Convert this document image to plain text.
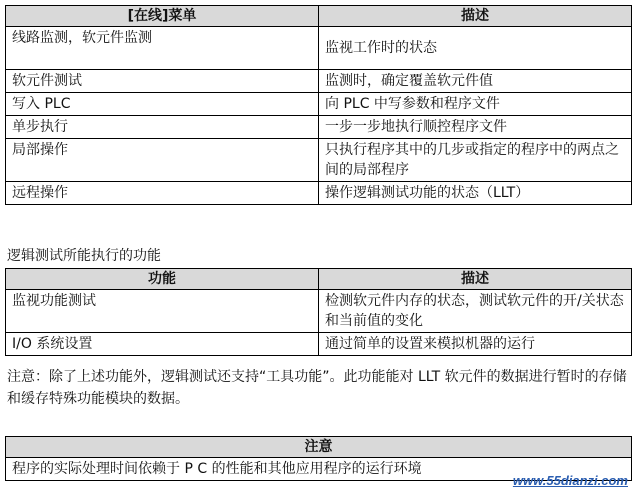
[在线]菜单	描述
线路监测，软元件监测	监视工作时的状态
软元件测试	监测时，确定覆盖软元件值
写入 PLC	向 PLC 中写参数和程序文件
单步执行	一步一步地执行顺控程序文件
局部操作	只执行程序其中的几步或指定的程序中的两点之间的局部程序
远程操作	操作逻辑测试功能的状态（LLT）
逻辑测试所能执行的功能
功能	描述
监视功能测试	检测软元件内存的状态，测试软元件的开/关状态和当前值的变化
I/O 系统设置	通过简单的设置来模拟机器的运行
注意：除了上述功能外，逻辑测试还支持“工具功能”。此功能能对 LLT 软元件的数据进行暂时的存储和缓存特殊功能模块的数据。
注意
程序的实际处理时间依赖于 P C 的性能和其他应用程序的运行环境
www.55dianzi.com
